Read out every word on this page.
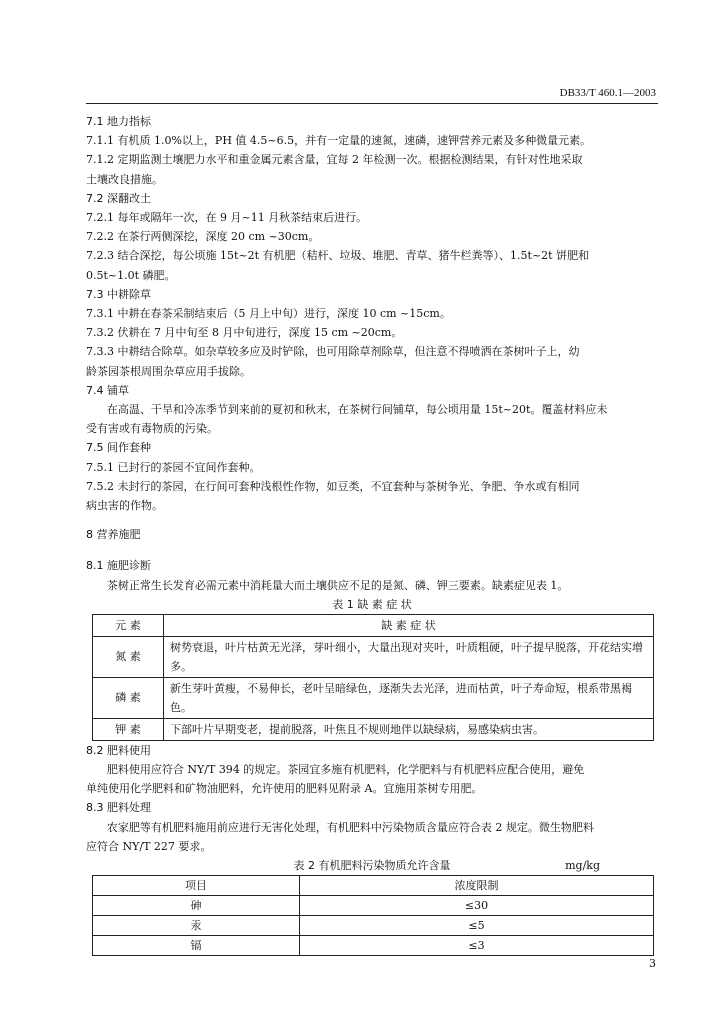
DB33/T 460.1—2003
7.1 地力指标
7.1.1 有机质 1.0%以上，PH 值 4.5~6.5，并有一定量的速氮，速磷，速钾营养元素及多种微量元素。
7.1.2 定期监测土壤肥力水平和重金属元素含量，宜每 2 年检测一次。根据检测结果，有针对性地采取
土壤改良措施。
7.2 深翻改土
7.2.1 每年或隔年一次，在 9 月~11 月秋茶结束后进行。
7.2.2 在茶行两侧深挖，深度 20 cm ~30cm。
7.2.3 结合深挖，每公顷施 15t~2t 有机肥（秸杆、垃圾、堆肥、青草、猪牛栏粪等）、1.5t~2t 饼肥和
0.5t~1.0t 磷肥。
7.3 中耕除草
7.3.1 中耕在春茶采制结束后（5 月上中旬）进行，深度 10 cm ~15cm。
7.3.2 伏耕在 7 月中旬至 8 月中旬进行，深度 15 cm ~20cm。
7.3.3 中耕结合除草。如杂草较多应及时铲除，也可用除草剂除草，但注意不得喷洒在茶树叶子上，幼
龄茶园茶根周围杂草应用手拔除。
7.4 铺草
在高温、干旱和冷冻季节到来前的夏初和秋末，在茶树行间铺草，每公顷用量 15t~20t。覆盖材料应未
受有害或有毒物质的污染。
7.5 间作套种
7.5.1 已封行的茶园不宜间作套种。
7.5.2 未封行的茶园，在行间可套种浅根性作物，如豆类，不宜套种与茶树争光、争肥、争水或有相同
病虫害的作物。
8 营养施肥
8.1 施肥诊断
茶树正常生长发育必需元素中消耗量大而土壤供应不足的是氮、磷、钾三要素。缺素症见表 1。
表 1 缺 素 症 状
元 素	缺 素 症 状
氮 素	树势衰退，叶片枯黄无光泽，芽叶细小，大量出现对夹叶，叶质粗硬，叶子提早脱落，开花结实增多。
磷 素	新生芽叶黄瘦，不易伸长，老叶呈暗绿色，逐渐失去光泽，进而枯黄，叶子寿命短，根系带黑褐色。
钾 素	下部叶片早期变老，提前脱落，叶焦且不规则地伴以缺绿病，易感染病虫害。
8.2 肥料使用
肥料使用应符合 NY/T 394 的规定。茶园宜多施有机肥料，化学肥料与有机肥料应配合使用，避免
单纯使用化学肥料和矿物油肥料，允许使用的肥料见附录 A。宜施用茶树专用肥。
8.3 肥料处理
农家肥等有机肥料施用前应进行无害化处理，有机肥料中污染物质含量应符合表 2 规定。微生物肥料
应符合 NY/T 227 要求。
表 2 有机肥料污染物质允许含量	mg/kg
项目	浓度限制
砷	≤30
汞	≤5
镉	≤3
3
